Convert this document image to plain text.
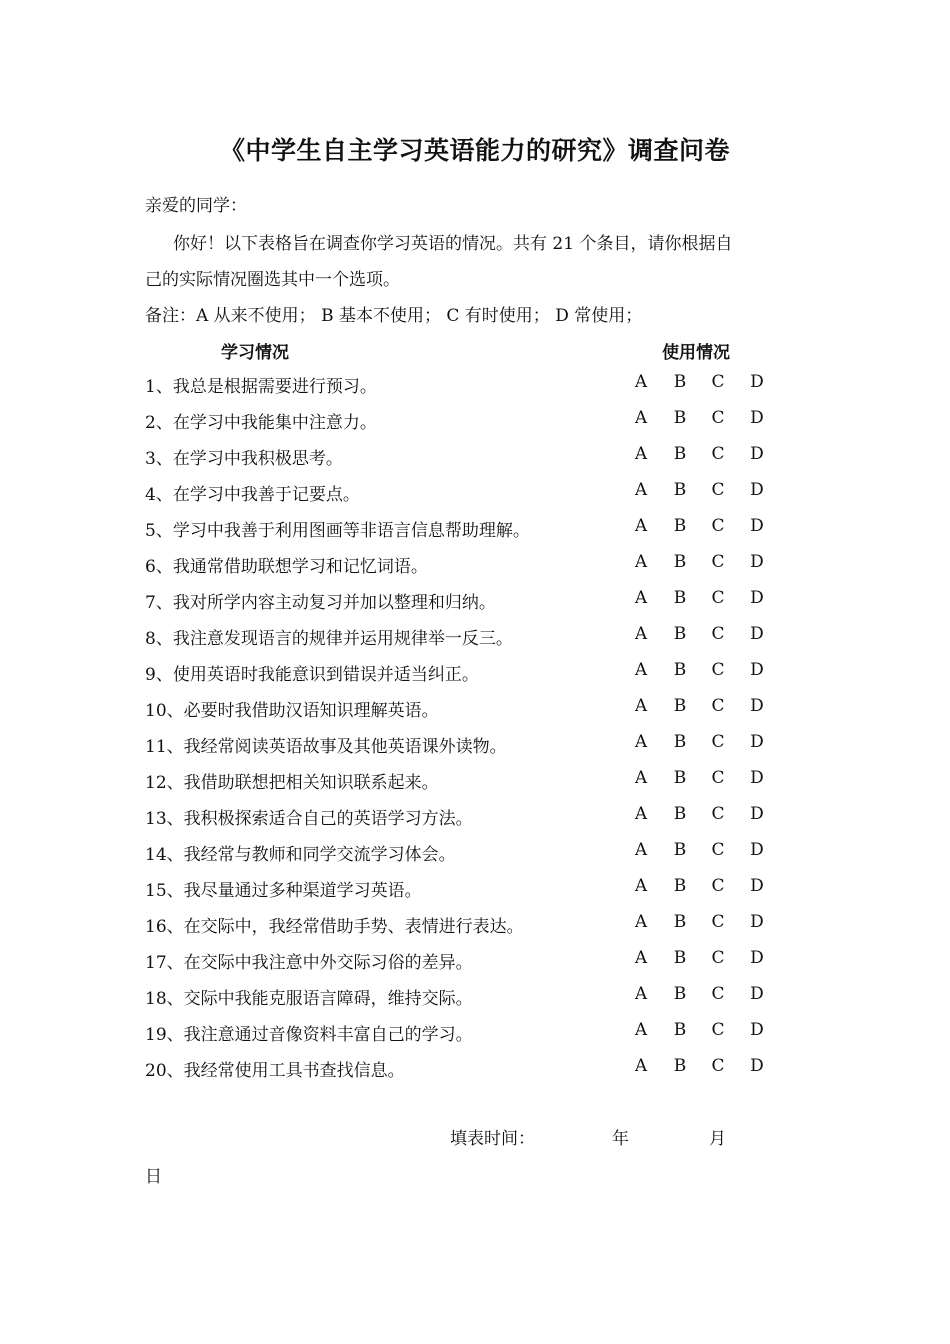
《中学生自主学习英语能力的研究》调查问卷
亲爱的同学：
你好！以下表格旨在调查你学习英语的情况。共有 21 个条目，请你根据自
己的实际情况圈选其中一个选项。
备注：A 从来不使用； B 基本不使用； C 有时使用； D 常使用；
学习情况	使用情况
1、我总是根据需要进行预习。	A B C D
2、在学习中我能集中注意力。	A B C D
3、在学习中我积极思考。	A B C D
4、在学习中我善于记要点。	A B C D
5、学习中我善于利用图画等非语言信息帮助理解。	A B C D
6、我通常借助联想学习和记忆词语。	A B C D
7、我对所学内容主动复习并加以整理和归纳。	A B C D
8、我注意发现语言的规律并运用规律举一反三。	A B C D
9、使用英语时我能意识到错误并适当纠正。	A B C D
10、必要时我借助汉语知识理解英语。	A B C D
11、我经常阅读英语故事及其他英语课外读物。	A B C D
12、我借助联想把相关知识联系起来。	A B C D
13、我积极探索适合自己的英语学习方法。	A B C D
14、我经常与教师和同学交流学习体会。	A B C D
15、我尽量通过多种渠道学习英语。	A B C D
16、在交际中，我经常借助手势、表情进行表达。	A B C D
17、在交际中我注意中外交际习俗的差异。	A B C D
18、交际中我能克服语言障碍，维持交际。	A B C D
19、我注意通过音像资料丰富自己的学习。	A B C D
20、我经常使用工具书查找信息。	A B C D
填表时间：	年	月
日
